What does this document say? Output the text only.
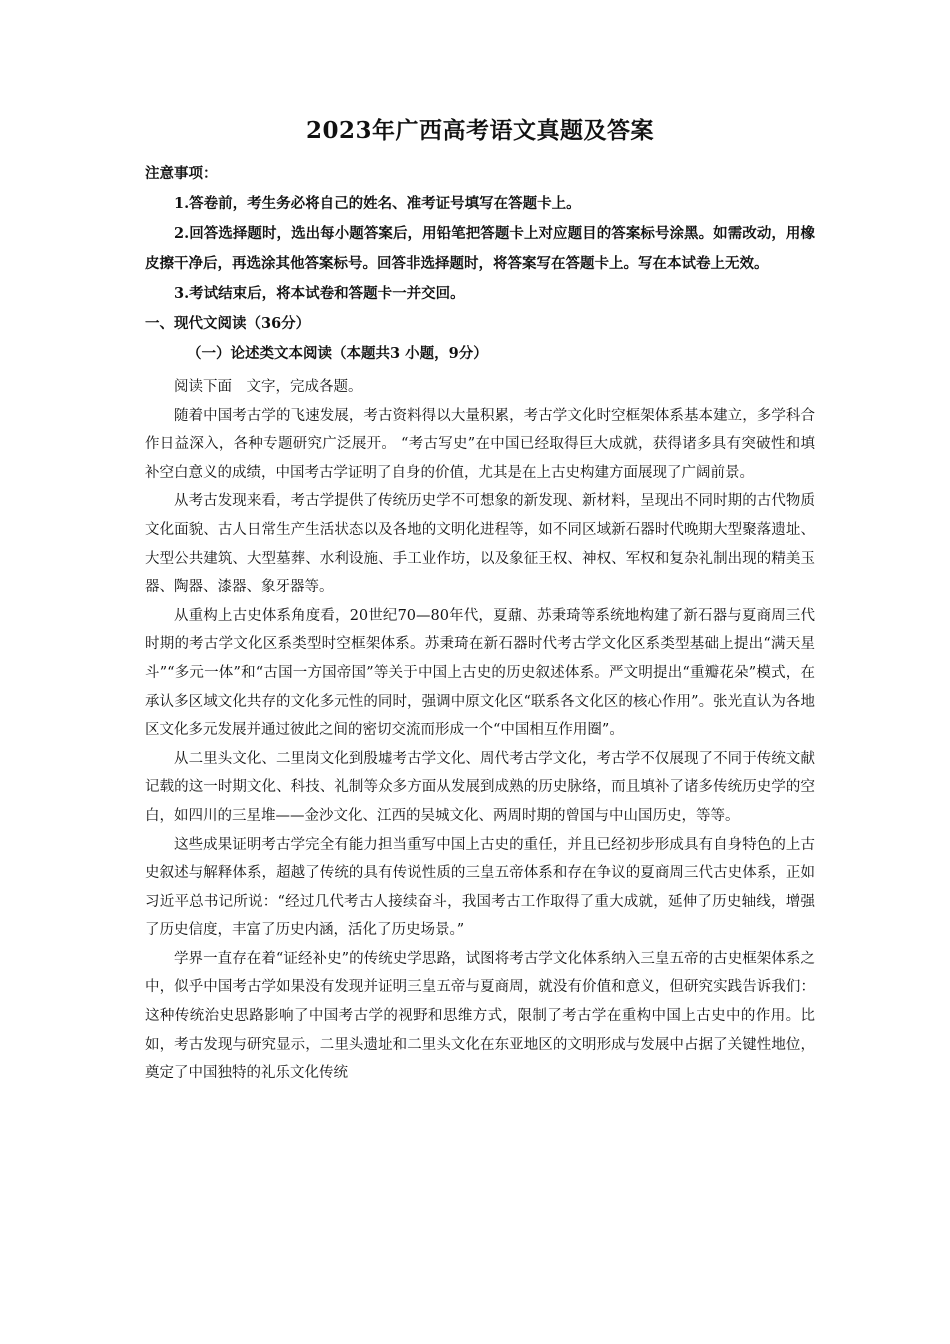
2023年广西高考语文真题及答案

注意事项：

1.答卷前，考生务必将自己的姓名、准考证号填写在答题卡上。

2.回答选择题时，选出每小题答案后，用铅笔把答题卡上对应题目的答案标号涂黑。如需改动，用橡皮擦干净后，再选涂其他答案标号。回答非选择题时，将答案写在答题卡上。写在本试卷上无效。

3.考试结束后，将本试卷和答题卡一并交回。

一、现代文阅读（36分）

（一）论述类文本阅读（本题共3 小题，9分）

阅读下面　文字，完成各题。

随着中国考古学的飞速发展，考古资料得以大量积累，考古学文化时空框架体系基本建立，多学科合作日益深入，各种专题研究广泛展开。 “考古写史”在中国已经取得巨大成就，获得诸多具有突破性和填补空白意义的成绩，中国考古学证明了自身的价值，尤其是在上古史构建方面展现了广阔前景。

从考古发现来看，考古学提供了传统历史学不可想象的新发现、新材料，呈现出不同时期的古代物质文化面貌、古人日常生产生活状态以及各地的文明化进程等，如不同区域新石器时代晚期大型聚落遗址、大型公共建筑、大型墓葬、水利设施、手工业作坊，以及象征王权、神权、军权和复杂礼制出现的精美玉器、陶器、漆器、象牙器等。

从重构上古史体系角度看，20世纪70—80年代，夏鼐、苏秉琦等系统地构建了新石器与夏商周三代时期的考古学文化区系类型时空框架体系。苏秉琦在新石器时代考古学文化区系类型基础上提出“满天星斗”“多元一体”和“古国一方国帝国”等关于中国上古史的历史叙述体系。严文明提出“重瓣花朵”模式，在承认多区域文化共存的文化多元性的同时，强调中原文化区“联系各文化区的核心作用”。张光直认为各地区文化多元发展并通过彼此之间的密切交流而形成一个“中国相互作用圈”。

从二里头文化、二里岗文化到殷墟考古学文化、周代考古学文化，考古学不仅展现了不同于传统文献记载的这一时期文化、科技、礼制等众多方面从发展到成熟的历史脉络，而且填补了诸多传统历史学的空白，如四川的三星堆——金沙文化、江西的吴城文化、两周时期的曾国与中山国历史，等等。

这些成果证明考古学完全有能力担当重写中国上古史的重任，并且已经初步形成具有自身特色的上古史叙述与解释体系，超越了传统的具有传说性质的三皇五帝体系和存在争议的夏商周三代古史体系，正如习近平总书记所说：“经过几代考古人接续奋斗，我国考古工作取得了重大成就，延伸了历史轴线，增强了历史信度，丰富了历史内涵，活化了历史场景。”

学界一直存在着“证经补史”的传统史学思路，试图将考古学文化体系纳入三皇五帝的古史框架体系之中，似乎中国考古学如果没有发现并证明三皇五帝与夏商周，就没有价值和意义，但研究实践告诉我们：这种传统治史思路影响了中国考古学的视野和思维方式，限制了考古学在重构中国上古史中的作用。比如，考古发现与研究显示，二里头遗址和二里头文化在东亚地区的文明形成与发展中占据了关键性地位，奠定了中国独特的礼乐文化传统
